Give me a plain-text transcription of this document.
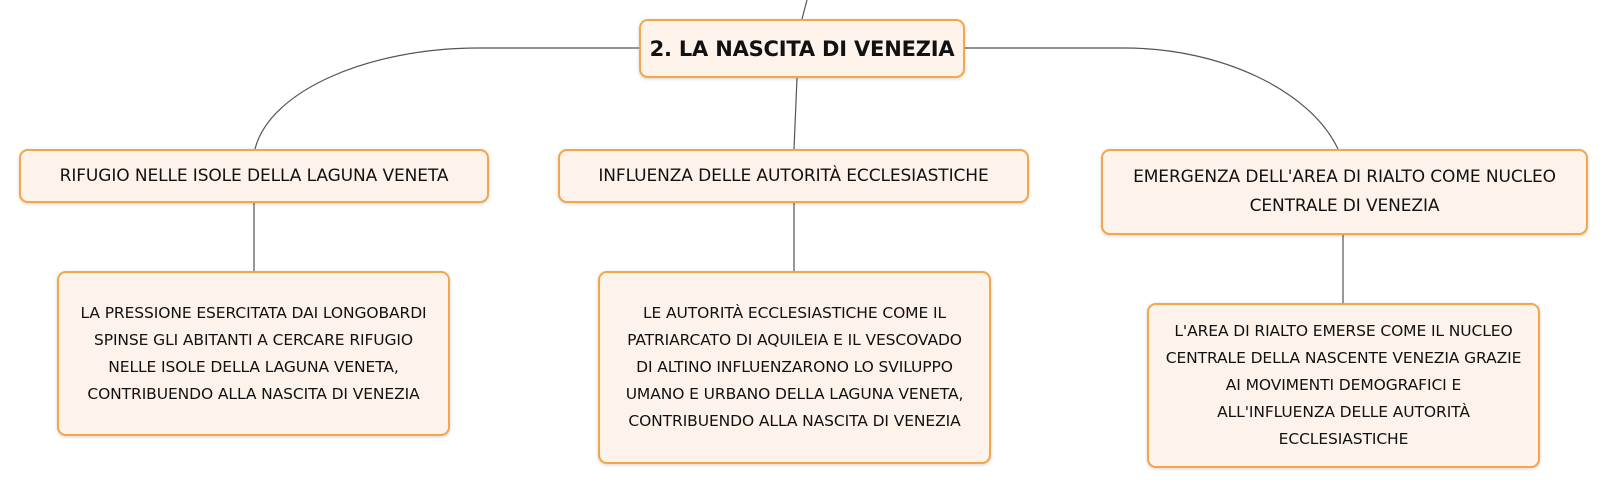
2. LA NASCITA DI VENEZIA
RIFUGIO NELLE ISOLE DELLA LAGUNA VENETA	INFLUENZA DELLE AUTORITÀ ECCLESIASTICHE	EMERGENZA DELL'AREA DI RIALTO COME NUCLEO
CENTRALE DI VENEZIA
LA PRESSIONE ESERCITATA DAI LONGOBARDI
SPINSE GLI ABITANTI A CERCARE RIFUGIO
NELLE ISOLE DELLA LAGUNA VENETA,
CONTRIBUENDO ALLA NASCITA DI VENEZIA
LE AUTORITÀ ECCLESIASTICHE COME IL
PATRIARCATO DI AQUILEIA E IL VESCOVADO
DI ALTINO INFLUENZARONO LO SVILUPPO
UMANO E URBANO DELLA LAGUNA VENETA,
CONTRIBUENDO ALLA NASCITA DI VENEZIA
L'AREA DI RIALTO EMERSE COME IL NUCLEO
CENTRALE DELLA NASCENTE VENEZIA GRAZIE
AI MOVIMENTI DEMOGRAFICI E
ALL'INFLUENZA DELLE AUTORITÀ
ECCLESIASTICHE
